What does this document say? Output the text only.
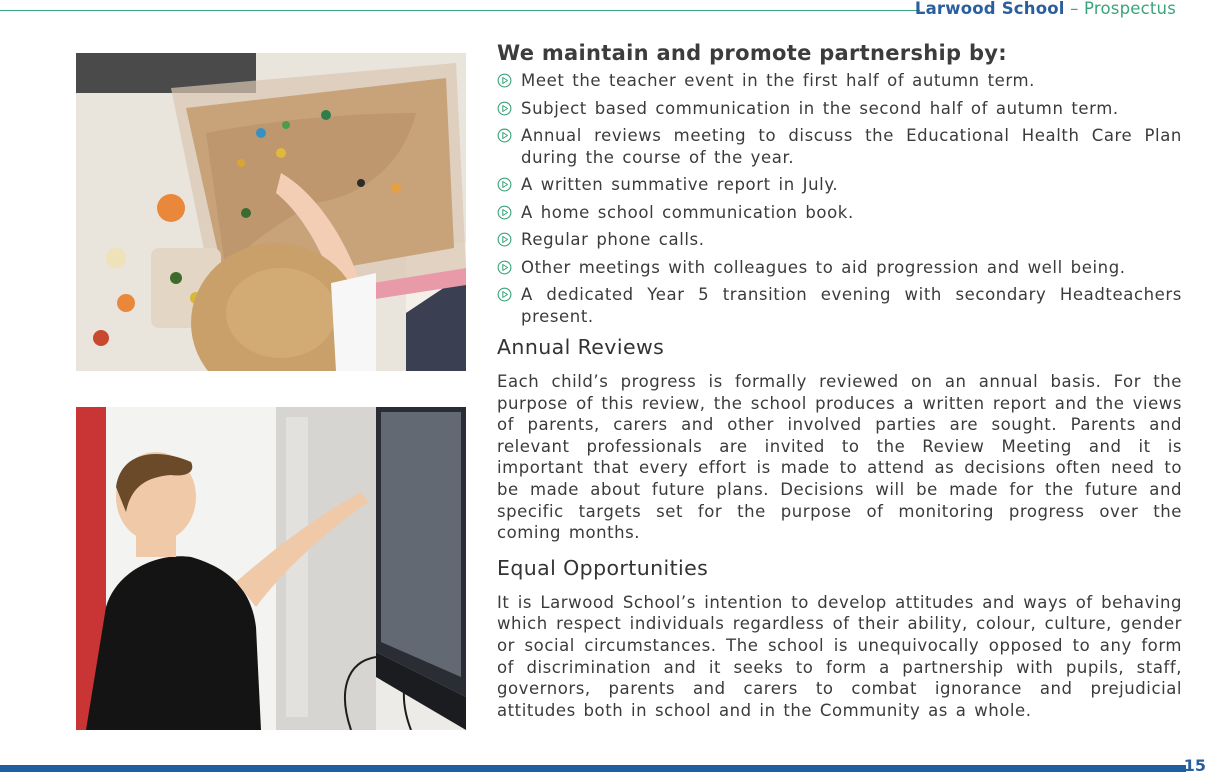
Larwood School – Prospectus
We maintain and promote partnership by:
Meet the teacher event in the first half of autumn term.
Subject based communication in the second half of autumn term.
Annual reviews meeting to discuss the Educational Health Care Plan during the course of the year.
A written summative report in July.
A home school communication book.
Regular phone calls.
Other meetings with colleagues to aid progression and well being.
A dedicated Year 5 transition evening with secondary Headteachers present.
Annual Reviews

Each child’s progress is formally reviewed on an annual basis. For the purpose of this review, the school produces a written report and the views of parents, carers and other involved parties are sought. Parents and relevant professionals are invited to the Review Meeting and it is important that every effort is made to attend as decisions often need to be made about future plans. Decisions will be made for the future and specific targets set for the purpose of monitoring progress over the coming months.

Equal Opportunities

It is Larwood School’s intention to develop attitudes and ways of behaving which respect individuals regardless of their ability, colour, culture, gender or social circumstances. The school is unequivocally opposed to any form of discrimination and it seeks to form a partnership with pupils, staff, governors, parents and carers to combat ignorance and prejudicial attitudes both in school and in the Community as a whole.

15
